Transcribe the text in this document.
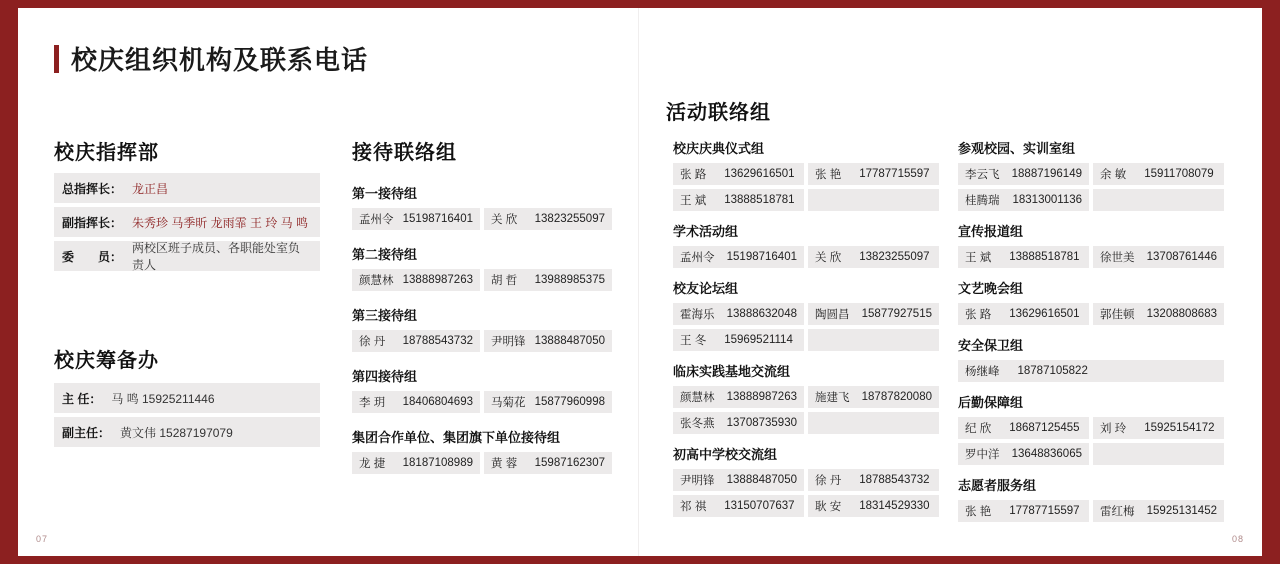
校庆组织机构及联系电话
校庆指挥部
总指挥长： 龙正昌
副指挥长： 朱秀珍 马季昕 龙雨霏 王 玲 马 鸣
委　　员：
两校区班子成员、各职能处室负责人
校庆筹备办
主 任： 马 鸣 15925211446
副主任： 黄文伟 15287197079
接待联络组
第一接待组
孟州令 15198716401 关 欣 13823255097
第二接待组
颜慧林 13888987263 胡 哲 13988985375
第三接待组
徐 丹 18788543732 尹明锋 13888487050
第四接待组
李 玥 18406804693 马菊花 15877960998
集团合作单位、集团旗下单位接待组
龙 捷 18187108989 黄 蓉 15987162307
活动联络组
校庆庆典仪式组
张 路 13629616501 张 艳 17787715597
王 斌 13888518781
学术活动组
孟州令 15198716401 关 欣 13823255097
校友论坛组
霍海乐 13888632048 陶圆昌 15877927515
王 冬 15969521114
临床实践基地交流组
颜慧林 13888987263 施建飞 18787820080
张冬燕 13708735930
初高中学校交流组
尹明锋 13888487050 徐 丹 18788543732
祁 祺 13150707637 耿 安 18314529330
参观校园、实训室组
李云飞 18887196149 余 敏 15911708079
桂腾瑞 18313001136
宣传报道组
王 斌 13888518781 徐世美 13708761446
文艺晚会组
张 路 13629616501 郭佳顿 13208808683
安全保卫组
杨继峰 18787105822
后勤保障组
纪 欣 18687125455 刘 玲 15925154172
罗中洋 13648836065
志愿者服务组
张 艳 17787715597 雷红梅 15925131452
07	08
